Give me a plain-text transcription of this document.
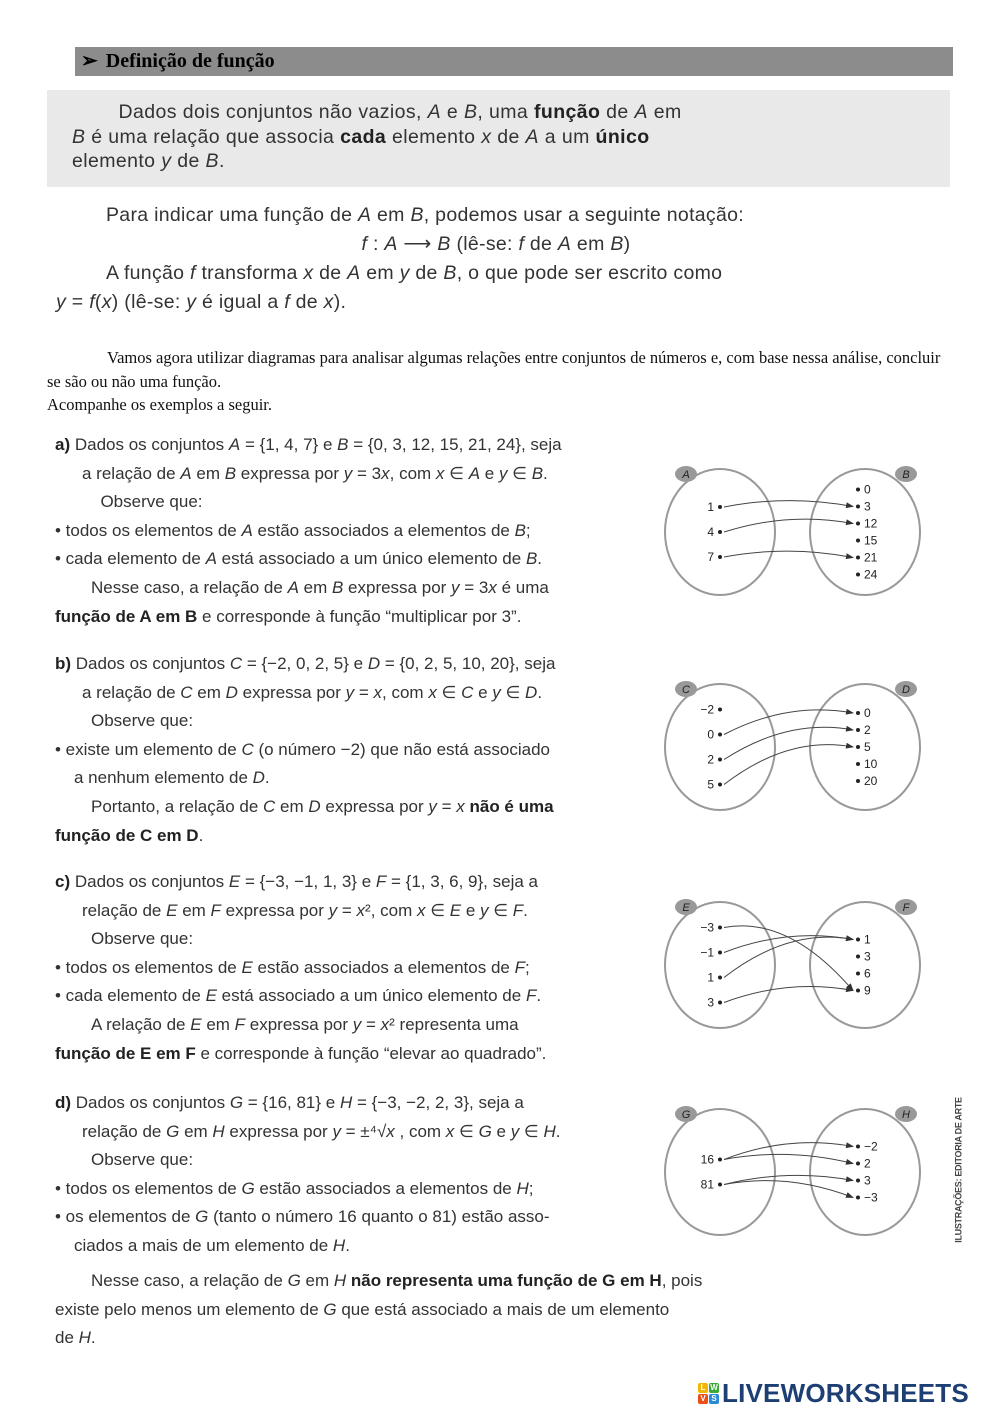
➢ Definição de função
Dados dois conjuntos não vazios, A e B, uma função de A em
B é uma relação que associa cada elemento x de A a um único
elemento y de B.
Para indicar uma função de A em B, podemos usar a seguinte notação:
f : A ⟶ B (lê-se: f de A em B)
A função f transforma x de A em y de B, o que pode ser escrito como
y = f(x) (lê-se: y é igual a f de x).
Vamos agora utilizar diagramas para analisar algumas relações entre conjuntos de números e, com base nessa análise, concluir se são ou não uma função.
Acompanhe os exemplos a seguir.
a) Dados os conjuntos A = {1, 4, 7} e B = {0, 3, 12, 15, 21, 24}, seja
a relação de A em B expressa por y = 3x, com x ∈ A e y ∈ B.
Observe que:
• todos os elementos de A estão associados a elementos de B;
• cada elemento de A está associado a um único elemento de B.
Nesse caso, a relação de A em B expressa por y = 3x é uma
função de A em B e corresponde à função “multiplicar por 3”.
b) Dados os conjuntos C = {−2, 0, 2, 5} e D = {0, 2, 5, 10, 20}, seja
a relação de C em D expressa por y = x, com x ∈ C e y ∈ D.
Observe que:
• existe um elemento de C (o número −2) que não está associado
a nenhum elemento de D.
Portanto, a relação de C em D expressa por y = x não é uma
função de C em D.
c) Dados os conjuntos E = {−3, −1, 1, 3} e F = {1, 3, 6, 9}, seja a
relação de E em F expressa por y = x², com x ∈ E e y ∈ F.
Observe que:
• todos os elementos de E estão associados a elementos de F;
• cada elemento de E está associado a um único elemento de F.
A relação de E em F expressa por y = x² representa uma
função de E em F e corresponde à função “elevar ao quadrado”.
d) Dados os conjuntos G = {16, 81} e H = {−3, −2, 2, 3}, seja a
relação de G em H expressa por y = ±⁴√x , com x ∈ G e y ∈ H.
Observe que:
• todos os elementos de G estão associados a elementos de H;
• os elementos de G (tanto o número 16 quanto o 81) estão asso-
ciados a mais de um elemento de H.
Nesse caso, a relação de G em H não representa uma função de G em H, pois
existe pelo menos um elemento de G que está associado a mais de um elemento
de H.
A	B
1
4
7
0
3
12
15
21
24
C	D
−2
0
2
5
0
2
5
10
20
E	F
−3
−1
1
3
1
3
6
9
G	H
16
81
−2
2
3
−3	ILUSTRAÇÕES: EDITORIA DE ARTE
L W
V S LIVEWORKSHEETS
